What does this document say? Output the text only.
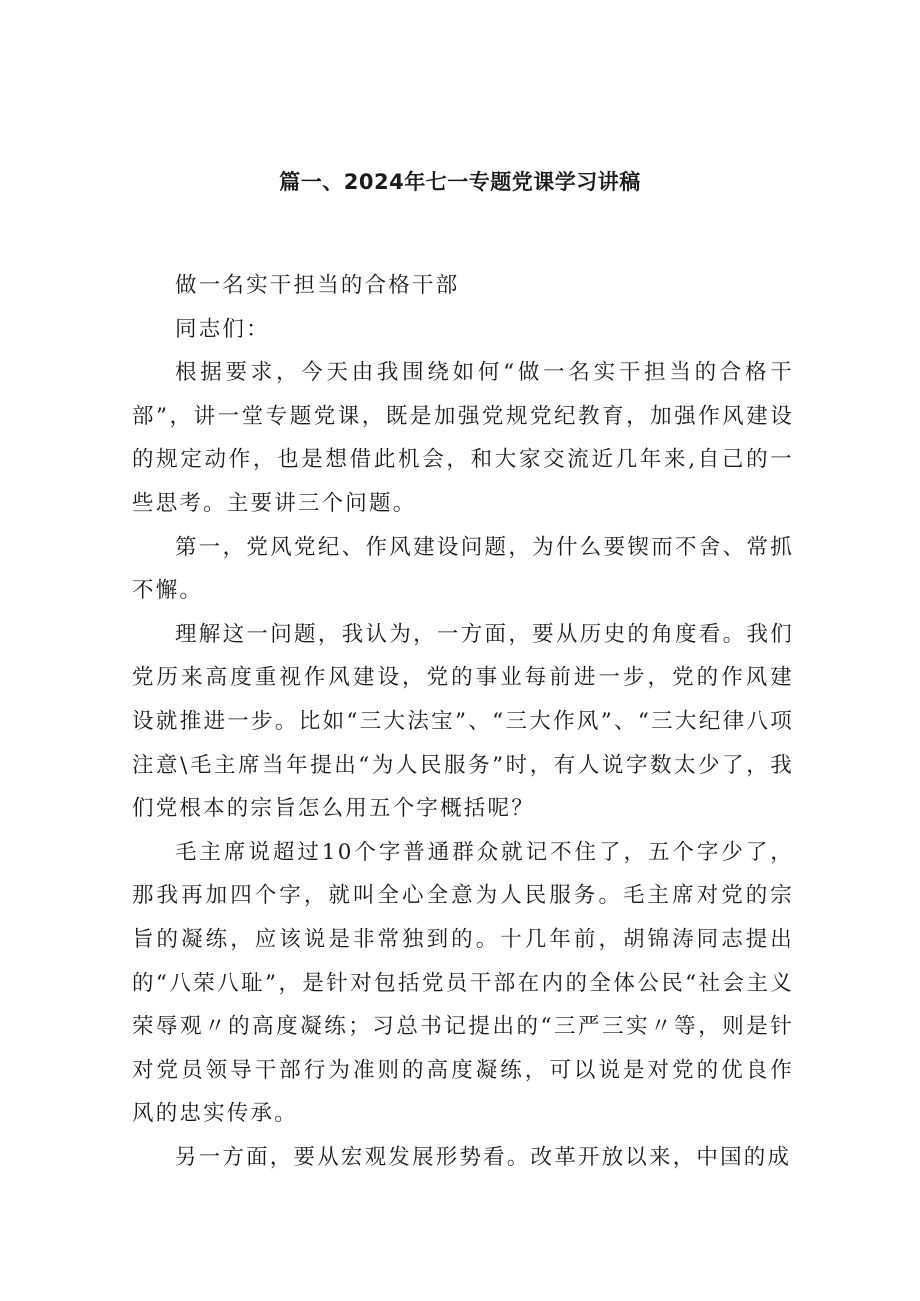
篇一、2024年七一专题党课学习讲稿

做一名实干担当的合格干部

同志们：

根据要求，今天由我围绕如何“做一名实干担当的合格干部”，讲一堂专题党课，既是加强党规党纪教育，加强作风建设的规定动作，也是想借此机会，和大家交流近几年来,自己的一些思考。主要讲三个问题。

第一，党风党纪、作风建设问题，为什么要锲而不舍、常抓不懈。

理解这一问题，我认为，一方面，要从历史的角度看。我们党历来高度重视作风建设，党的事业每前进一步，党的作风建设就推进一步。比如“三大法宝”、“三大作风”、“三大纪律八项注意\毛主席当年提出“为人民服务”时，有人说字数太少了，我们党根本的宗旨怎么用五个字概括呢？

毛主席说超过10个字普通群众就记不住了，五个字少了，那我再加四个字，就叫全心全意为人民服务。毛主席对党的宗旨的凝练，应该说是非常独到的。十几年前，胡锦涛同志提出的“八荣八耻”，是针对包括党员干部在内的全体公民“社会主义荣辱观〃的高度凝练；习总书记提出的“三严三实〃等，则是针对党员领导干部行为准则的高度凝练，可以说是对党的优良作风的忠实传承。

另一方面，要从宏观发展形势看。改革开放以来，中国的成
